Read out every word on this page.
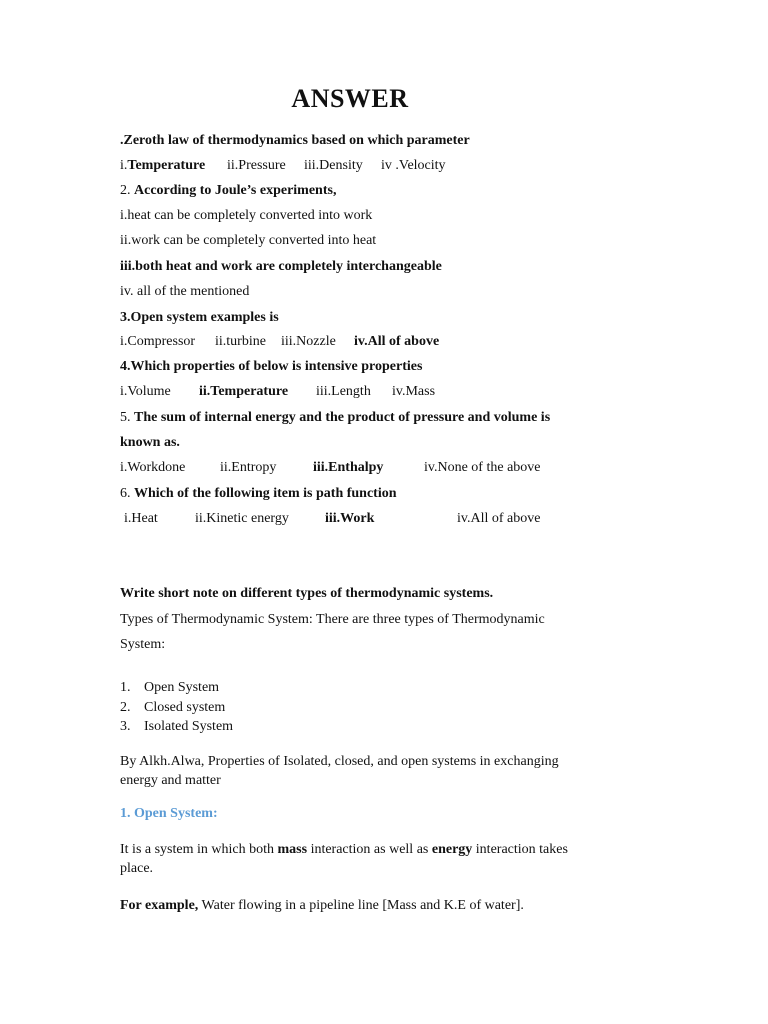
ANSWER
.Zeroth law of thermodynamics based on which parameter
i.Temperature ii.Pressure iii.Density iv .Velocity
2. According to Joule’s experiments,
i.heat can be completely converted into work
ii.work can be completely converted into heat
iii.both heat and work are completely interchangeable
iv. all of the mentioned
3.Open system examples is
i.Compressor ii.turbine iii.Nozzle iv.All of above
4.Which properties of below is intensive properties
i.Volume ii.Temperature iii.Length iv.Mass
5. The sum of internal energy and the product of pressure and volume is
known as.
i.Workdone ii.Entropy	iii.Enthalpy	iv.None of the above
6. Which of the following item is path function
i.Heat	ii.Kinetic energy	iii.Work	iv.All of above
Write short note on different types of thermodynamic systems.
Types of Thermodynamic System: There are three types of Thermodynamic
System:
1. Open System
2. Closed system
3. Isolated System
By Alkh.Alwa, Properties of Isolated, closed, and open systems in exchanging
energy and matter
1. Open System:
It is a system in which both mass interaction as well as energy interaction takes
place.
For example, Water flowing in a pipeline line [Mass and K.E of water].
